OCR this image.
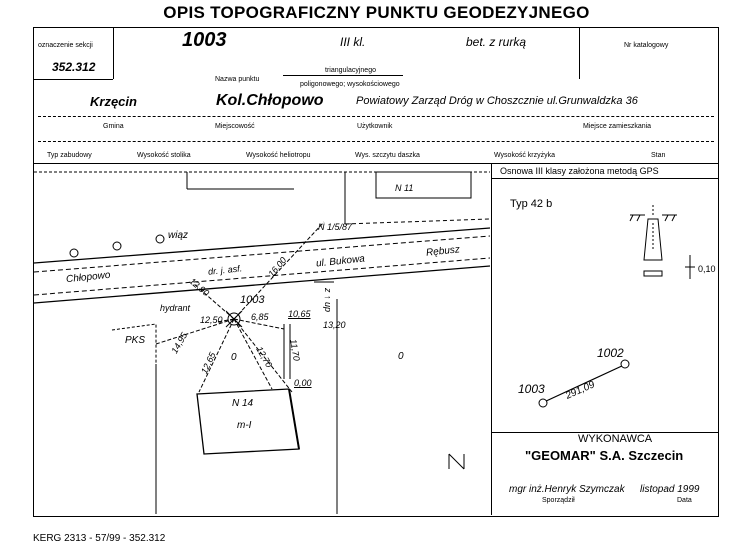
OPIS TOPOGRAFICZNY PUNKTU GEODEZYJNEGO
oznaczenie sekcji
352.312
1003	III kl.	bet. z rurką	Nr katalogowy
triangulacyjnego
Nazwa punktu
poligonowego; wysokościowego
Krzęcin	Kol.Chłopowo	Powiatowy Zarząd Dróg w Choszcznie ul.Grunwaldzka 36
Gmina	Miejscowość	Użytkownik	Miejsce zamieszkania
Typ zabudowy	Wysokość stolika	Wysokość heliotropu	Wys. szczytu daszka	Wysokość krzyżyka	Stan
Osnowa III klasy założona metodą GPS
Typ 42 b
0,10
1003
1002
291,09
WYKONAWCA
"GEOMAR" S.A. Szczecin
mgr inż.Henryk Szymczak listopad 1999
Sporządził	Data
N 11
N 1/5/87
wiąz
Chłopowo	dr. j. asf.
ul. Bukowa
Rębusz
16,00
12,90
z ↑ up
1003
hydrant
12,50	6,85 10,65
13,20
PKS	14,95
12,65	12,70 11,70
0	0
0,00
N 14
m-I
KERG 2313 - 57/99 - 352.312
